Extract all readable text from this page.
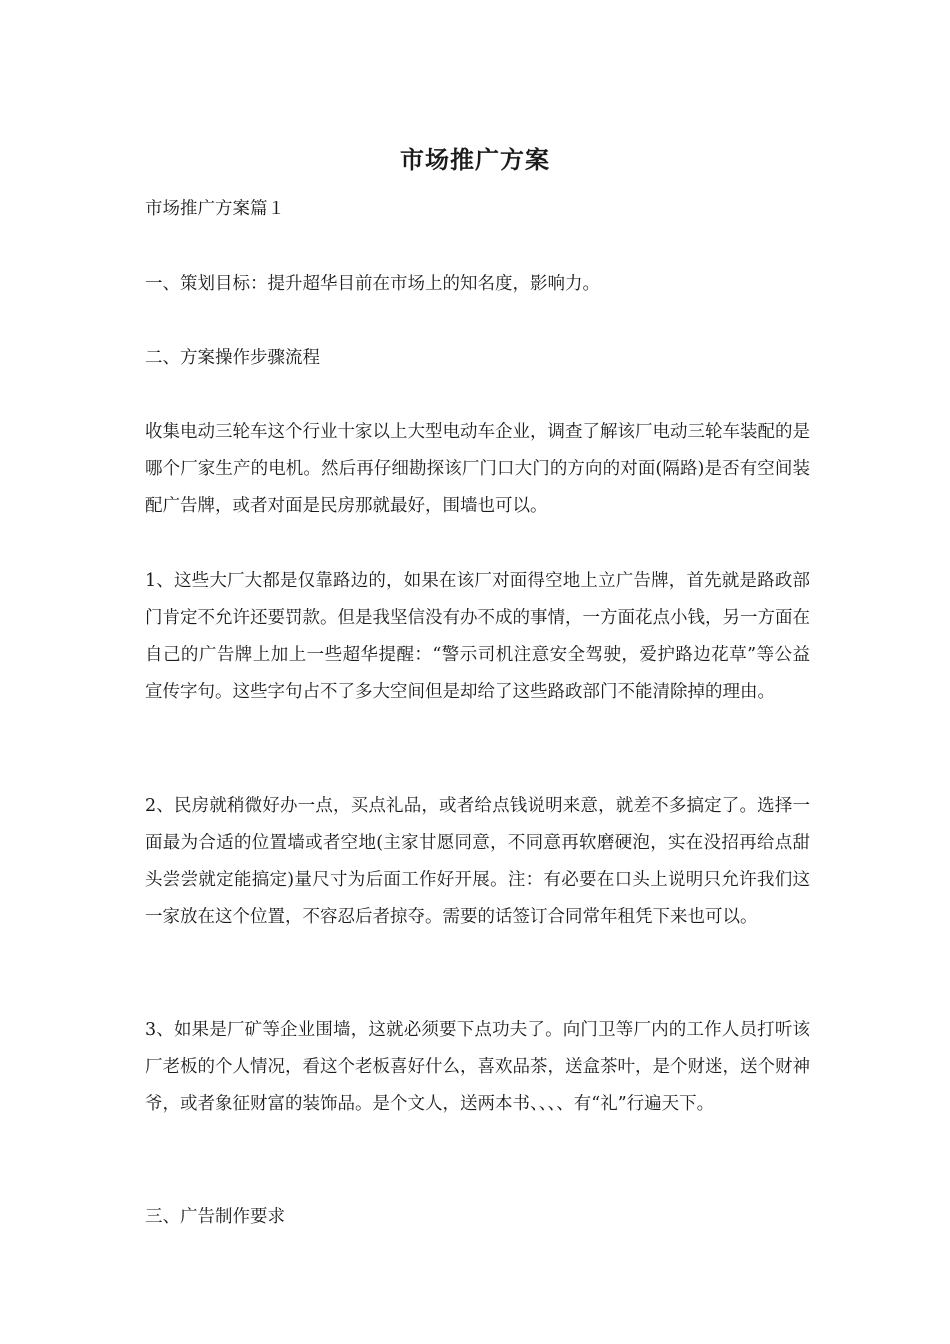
市场推广方案

市场推广方案篇１

一、策划目标：提升超华目前在市场上的知名度，影响力。

二、方案操作步骤流程

收集电动三轮车这个行业十家以上大型电动车企业，调查了解该厂电动三轮车装配的是哪个厂家生产的电机。然后再仔细勘探该厂门口大门的方向的对面(隔路)是否有空间装配广告牌，或者对面是民房那就最好，围墙也可以。

1、这些大厂大都是仅靠路边的，如果在该厂对面得空地上立广告牌，首先就是路政部门肯定不允许还要罚款。但是我坚信没有办不成的事情，一方面花点小钱，另一方面在自己的广告牌上加上一些超华提醒：“警示司机注意安全驾驶，爱护路边花草”等公益宣传字句。这些字句占不了多大空间但是却给了这些路政部门不能清除掉的理由。

2、民房就稍微好办一点，买点礼品，或者给点钱说明来意，就差不多搞定了。选择一面最为合适的位置墙或者空地(主家甘愿同意，不同意再软磨硬泡，实在没招再给点甜头尝尝就定能搞定)量尺寸为后面工作好开展。注：有必要在口头上说明只允许我们这一家放在这个位置，不容忍后者掠夺。需要的话签订合同常年租凭下来也可以。

3、如果是厂矿等企业围墙，这就必须要下点功夫了。向门卫等厂内的工作人员打听该厂老板的个人情况，看这个老板喜好什么，喜欢品茶，送盒茶叶，是个财迷，送个财神爷，或者象征财富的装饰品。是个文人，送两本书、、、、有“礼”行遍天下。

三、广告制作要求
